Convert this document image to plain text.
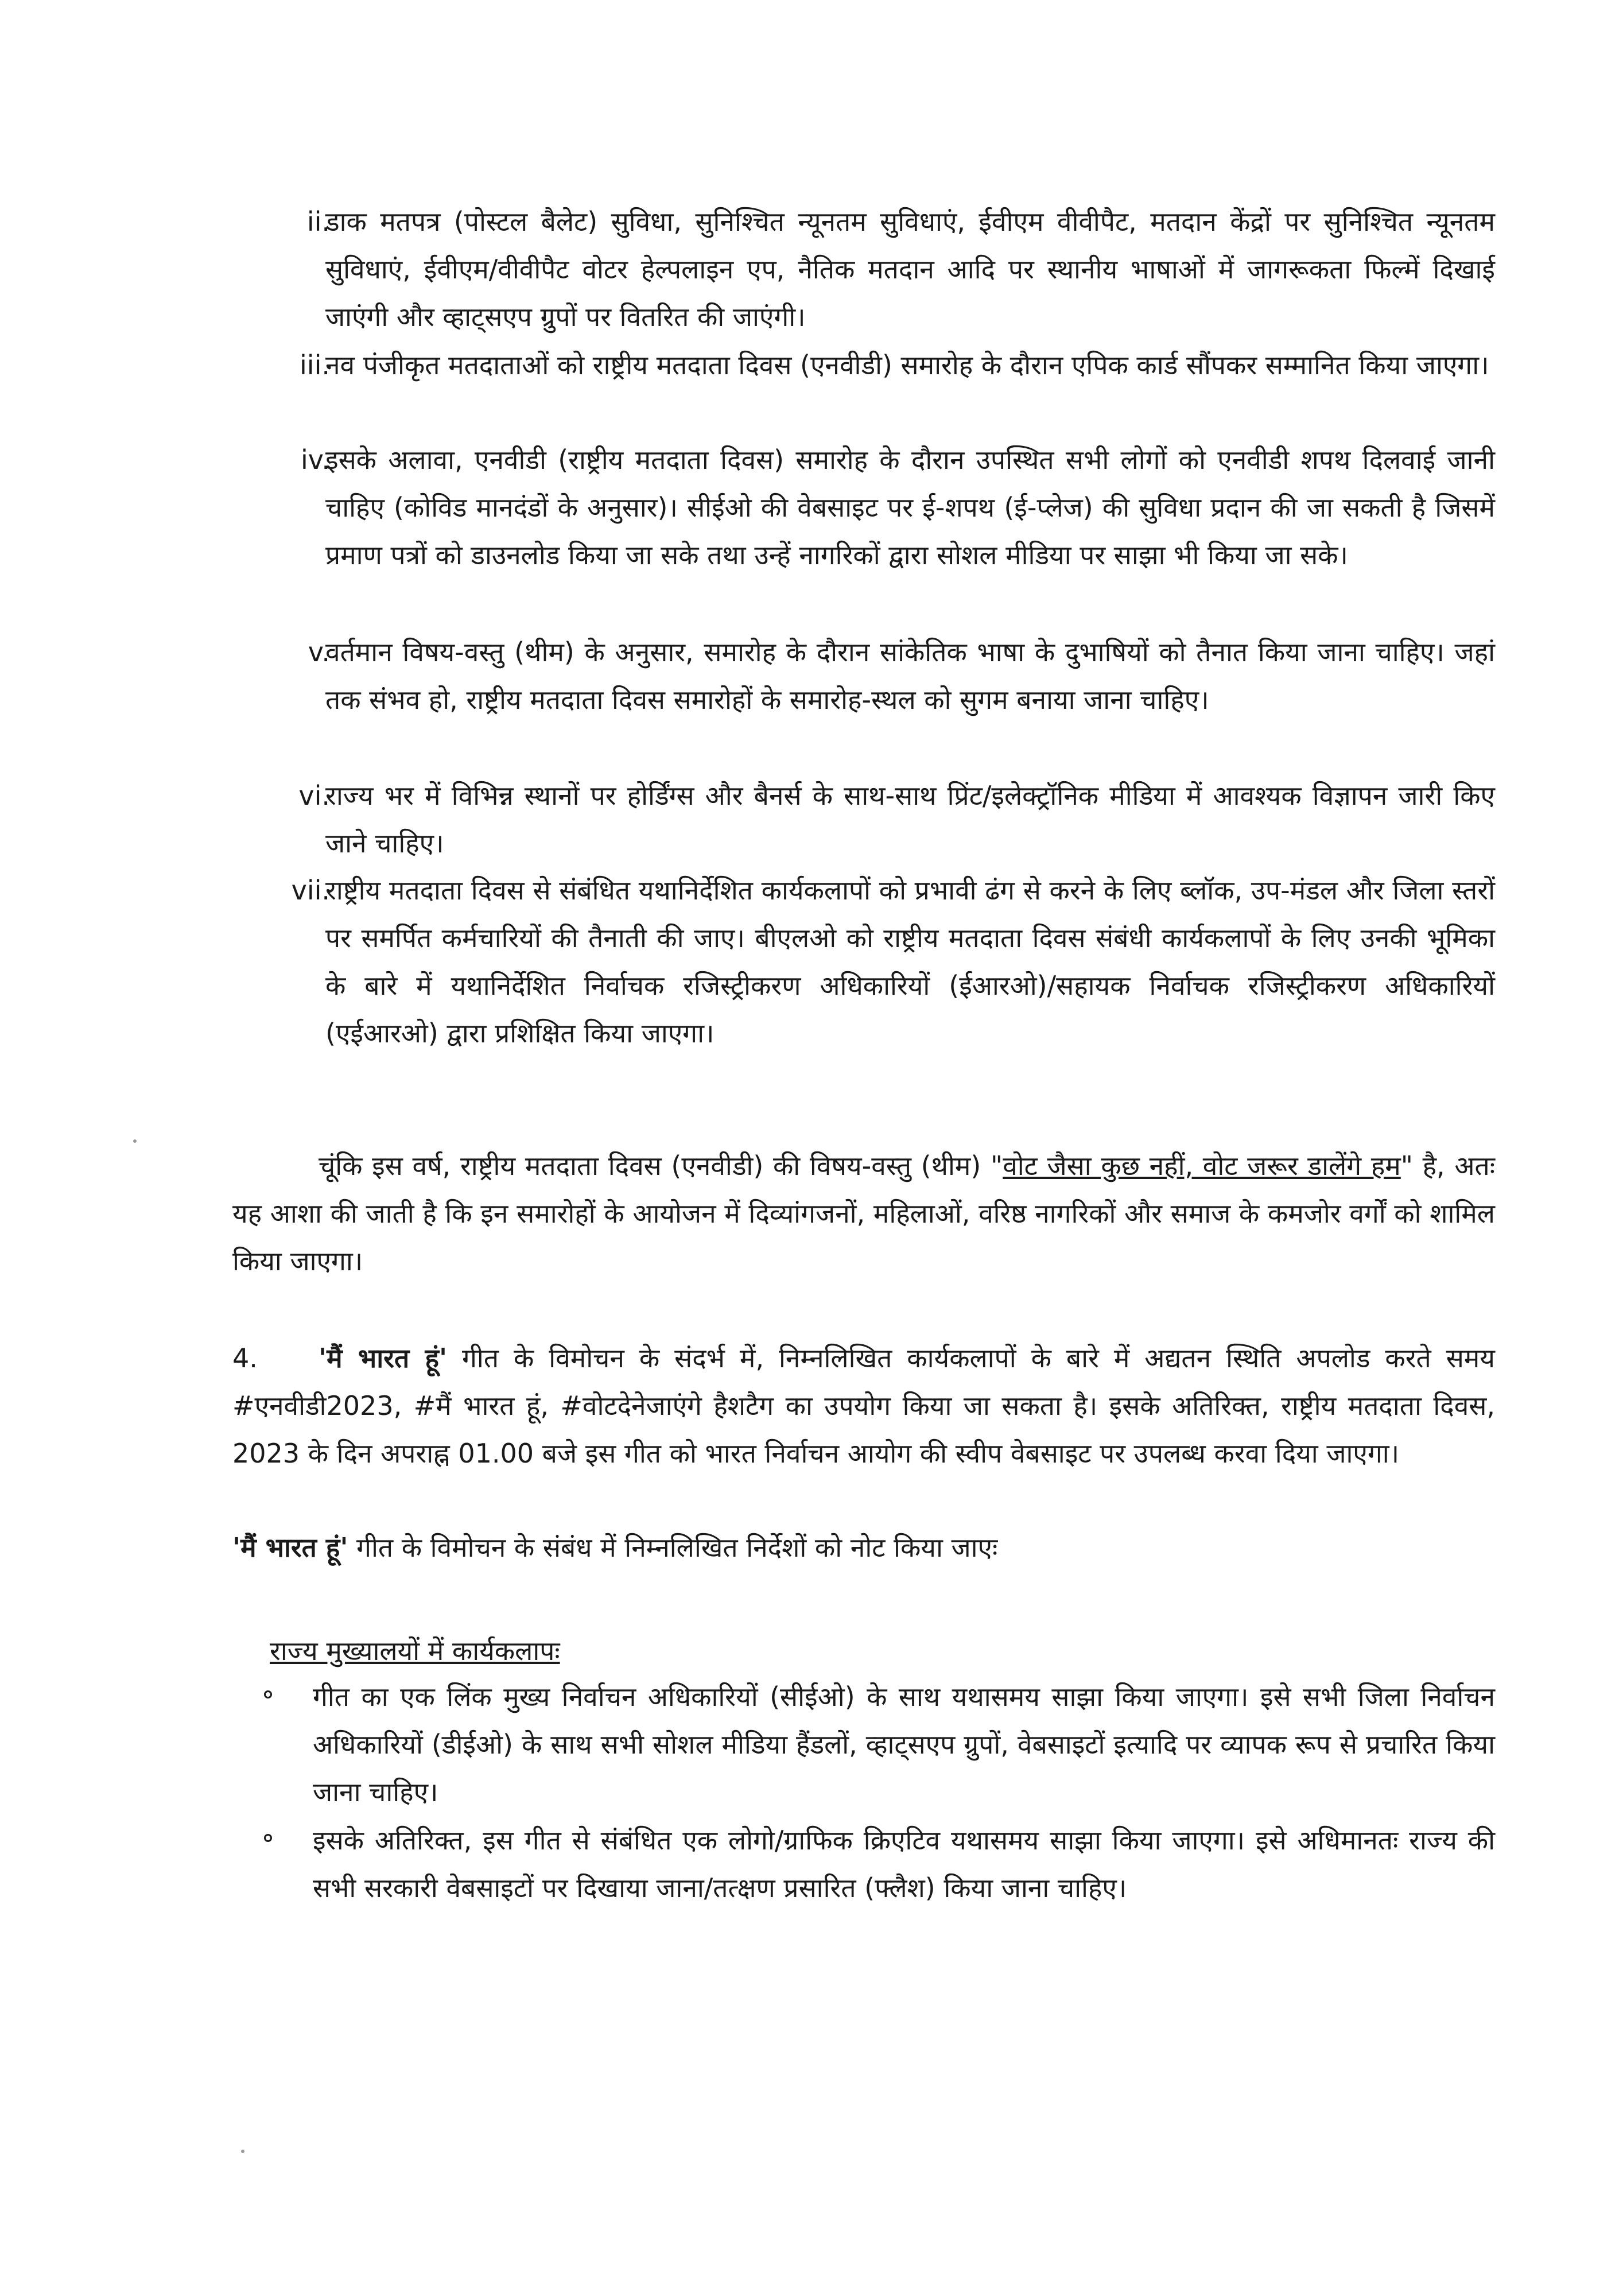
ii.
डाक मतपत्र (पोस्टल बैलेट) सुविधा, सुनिश्चित न्यूनतम सुविधाएं, ईवीएम वीवीपैट, मतदान केंद्रों पर सुनिश्चित न्यूनतम सुविधाएं, ईवीएम/वीवीपैट वोटर हेल्पलाइन एप, नैतिक मतदान आदि पर स्थानीय भाषाओं में जागरूकता फिल्में दिखाई जाएंगी और व्हाट्सएप ग्रुपों पर वितरित की जाएंगी।
iii.
नव पंजीकृत मतदाताओं को राष्ट्रीय मतदाता दिवस (एनवीडी) समारोह के दौरान एपिक कार्ड सौंपकर सम्मानित किया जाएगा।
iv.
इसके अलावा, एनवीडी (राष्ट्रीय मतदाता दिवस) समारोह के दौरान उपस्थित सभी लोगों को एनवीडी शपथ दिलवाई जानी चाहिए (कोविड मानदंडों के अनुसार)। सीईओ की वेबसाइट पर ई-शपथ (ई-प्लेज) की सुविधा प्रदान की जा सकती है जिसमें प्रमाण पत्रों को डाउनलोड किया जा सके तथा उन्हें नागरिकों द्वारा सोशल मीडिया पर साझा भी किया जा सके।
v.
वर्तमान विषय-वस्तु (थीम) के अनुसार, समारोह के दौरान सांकेतिक भाषा के दुभाषियों को तैनात किया जाना चाहिए। जहां तक संभव हो, राष्ट्रीय मतदाता दिवस समारोहों के समारोह-स्थल को सुगम बनाया जाना चाहिए।
vi.
राज्य भर में विभिन्न स्थानों पर होर्डिंग्स और बैनर्स के साथ-साथ प्रिंट/इलेक्ट्रॉनिक मीडिया में आवश्यक विज्ञापन जारी किए जाने चाहिए।
vii.
राष्ट्रीय मतदाता दिवस से संबंधित यथानिर्देशित कार्यकलापों को प्रभावी ढंग से करने के लिए ब्लॉक, उप-मंडल और जिला स्तरों पर समर्पित कर्मचारियों की तैनाती की जाए। बीएलओ को राष्ट्रीय मतदाता दिवस संबंधी कार्यकलापों के लिए उनकी भूमिका के बारे में यथानिर्देशित निर्वाचक रजिस्ट्रीकरण अधिकारियों (ईआरओ)/सहायक निर्वाचक रजिस्ट्रीकरण अधिकारियों (एईआरओ) द्वारा प्रशिक्षित किया जाएगा।
चूंकि इस वर्ष, राष्ट्रीय मतदाता दिवस (एनवीडी) की विषय-वस्तु (थीम) "वोट जैसा कुछ नहीं, वोट जरूर डालेंगे हम" है, अतः यह आशा की जाती है कि इन समारोहों के आयोजन में दिव्यांगजनों, महिलाओं, वरिष्ठ नागरिकों और समाज के कमजोर वर्गों को शामिल किया जाएगा।
4. 'मैं भारत हूं' गीत के विमोचन के संदर्भ में, निम्नलिखित कार्यकलापों के बारे में अद्यतन स्थिति अपलोड करते समय #एनवीडी2023, #मैं भारत हूं, #वोटदेनेजाएंगे हैशटैग का उपयोग किया जा सकता है। इसके अतिरिक्त, राष्ट्रीय मतदाता दिवस, 2023 के दिन अपराह्न 01.00 बजे इस गीत को भारत निर्वाचन आयोग की स्वीप वेबसाइट पर उपलब्ध करवा दिया जाएगा।
'मैं भारत हूं' गीत के विमोचन के संबंध में निम्नलिखित निर्देशों को नोट किया जाएः
राज्य मुख्यालयों में कार्यकलापः
गीत का एक लिंक मुख्य निर्वाचन अधिकारियों (सीईओ) के साथ यथासमय साझा किया जाएगा। इसे सभी जिला निर्वाचन अधिकारियों (डीईओ) के साथ सभी सोशल मीडिया हैंडलों, व्हाट्सएप ग्रुपों, वेबसाइटों इत्यादि पर व्यापक रूप से प्रचारित किया जाना चाहिए।
इसके अतिरिक्त, इस गीत से संबंधित एक लोगो/ग्राफिक क्रिएटिव यथासमय साझा किया जाएगा। इसे अधिमानतः राज्य की सभी सरकारी वेबसाइटों पर दिखाया जाना/तत्क्षण प्रसारित (फ्लैश) किया जाना चाहिए।
